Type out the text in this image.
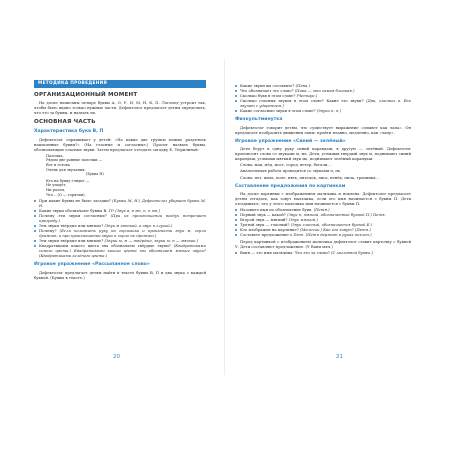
МЕТОДИКА ПРОВЕДЕНИЯ
ОРГАНИЗАЦИОННЫЙ МОМЕНТ

На доске написаны четыре буквы А, О, У, И, М, Н, К, П. Логопед устроит так, чтобы было видно только нужные части. Дефектолог предлагает детям определить, что это за буквы, и назвать их.

ОСНОВНАЯ ЧАСТЬ
Характеристика букв В, П

Дефектолог спрашивает у детей: «На какие две группы можно разделить написанные буквы?» (На гласные и согласные.) Просит назвать буквы, обозначающие гласные звуки. Затем предлагает отгадать загадку Е. Тюрилиной:

Палочка,
Рядом две ровные палочки —
Вот и готова
Очень для звучания.
(Буква Н)
Кто на букву глядит —
Не упадёт,
Ни разом,
Что... (О — горячая).
При какие буквы не было загадки? (Буквы М, Н.) Дефектолог убирает буквы М, Н.
Какие звуки обозначают буквы В, П? (Звук в, в мн, п, п мн.)
Почему эти звуки согласные? (При их произношении воздух встречает преграду.)
Эти звуки твёрдые или мягкие? (Звук м звонкий, а звук н глухой.)
Почему? (Если положить руку на горлышко и произнести звук м, горло дрожит, а при произношении звука н горло не дрожит.)
Эти звуки твёрдые или мягкие? (Звуки м, м — твёрдые, звуки м, н — мягкие.)
Квадратиками какого цвета мы обозначаем твёрдые звуки? (Квадратиками синего цвета.) Квадратиками какого цвета мы обозначаем мягкие звуки? (Квадратиками зелёного цвета.)
Игровое упражнение «Рассыпанное слово»

Дефектолог предлагает детям найти в тексте буквы В, П и два звука с каждой буквой. (Буквы в тексте.)

20
Какие звуки вы составите? (Папа.)
Что обозначает это слово? (Папа — это самая близкая.)
Сколько букв в этом слове? (Четыре.)
Сколько гласных звуков в этом слове? Какие это звуки? (Два, гласных a. Все звучат с ударением.)
Какие согласные звуки в этом слове? (Звуки п, п.)
Физкультминутка

Дефектолог говорит детям, что существует выражение «плывет как лапа». Он предлагает изобразить движения лапы: пройти плавно, медленно, как «лапу».

Игровое упражнение «Синий — зелёный»

Дети берут в одну руку синий карандаш, в другую — зелёный. Дефектолог произносит слова со звуками м, мь. Дети, услышав твердый звук м, поднимают синий карандаш, услышав мягкий звук мь, поднимают зелёный карандаш.

Слова: мак, мёд, мост, город, ветер, бегали...

Аналогичная работа проводится со звуками п, пь.

Слова: пот, пила, поле, пять, пятачок, лиса, пенёк, пила, тропинка...

Составление предложения по картинкам

На доске картинки с изображением мальчика и поклена. Дефектолог предлагает детям отгадать, как зовут мальчика, если его имя начинается с буквы П. Дети отгадывают, что у этого мальчика имя начинается с буквы П.

Назовите имя по обозначение букв. (Петя.)
Первый звук — какой? (Звук п, мягкий, обозначенный буквой П.) Петя.
Второй звук — мягкий? (Звук мягкий.)
Третий звук — гласный? (Звук гласный, обозначается буквой Е.)
Кто изображен на картинке? (Мальчик.) Как его зовут? (Петя.)
Составьте предложение о Пете. (Петя держит в руках поклон.)

Перед картинкой с изображением мальчика дефектолог ставит карточку с буквой У. Дети составляют предложение. (У Вани мяч.)

Ваня — это имя мальчика. Что это за слово? (С заглавной буквы.)
21
